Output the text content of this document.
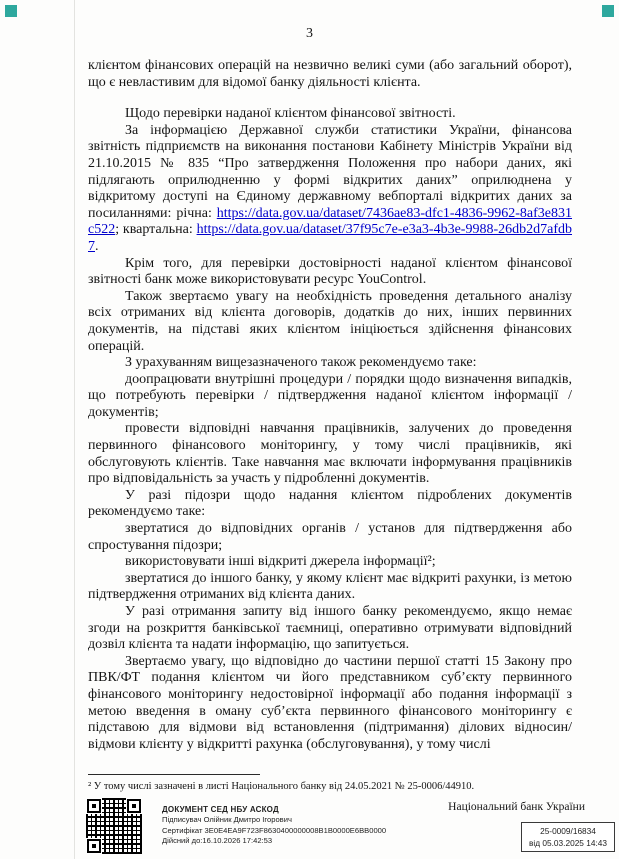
3

клієнтом фінансових операцій на незвично великі суми (або загальний оборот), що є невластивим для відомої банку діяльності клієнта.

Щодо перевірки наданої клієнтом фінансової звітності.

За інформацією Державної служби статистики України, фінансова звітність підприємств на виконання постанови Кабінету Міністрів України від 21.10.2015 № 835 “Про затвердження Положення про набори даних, які підлягають оприлюдненню у формі відкритих даних” оприлюднена у відкритому доступі на Єдиному державному вебпорталі відкритих даних за посиланнями: річна: https://data.gov.ua/dataset/7436ae83-dfc1-4836-9962-8af3e831c522; квартальна: https://data.gov.ua/dataset/37f95c7e-e3a3-4b3e-9988-26db2d7afdb7.

Крім того, для перевірки достовірності наданої клієнтом фінансової звітності банк може використовувати ресурс YouControl.

Також звертаємо увагу на необхідність проведення детального аналізу всіх отриманих від клієнта договорів, додатків до них, інших первинних документів, на підставі яких клієнтом ініціюється здійснення фінансових операцій.

З урахуванням вищезазначеного також рекомендуємо таке:

доопрацювати внутрішні процедури / порядки щодо визначення випадків, що потребують перевірки / підтвердження наданої клієнтом інформації / документів;

провести відповідні навчання працівників, залучених до проведення первинного фінансового моніторингу, у тому числі працівників, які обслуговують клієнтів. Таке навчання має включати інформування працівників про відповідальність за участь у підробленні документів.

У разі підозри щодо надання клієнтом підроблених документів рекомендуємо таке:

звертатися до відповідних органів / установ для підтвердження або спростування підозри;

використовувати інші відкриті джерела інформації²;

звертатися до іншого банку, у якому клієнт має відкриті рахунки, із метою підтвердження отриманих від клієнта даних.

У разі отримання запиту від іншого банку рекомендуємо, якщо немає згоди на розкриття банківської таємниці, оперативно отримувати відповідний дозвіл клієнта та надати інформацію, що запитується.

Звертаємо увагу, що відповідно до частини першої статті 15 Закону про ПВК/ФТ подання клієнтом чи його представником суб’єкту первинного фінансового моніторингу недостовірної інформації або подання інформації з метою введення в оману суб’єкта первинного фінансового моніторингу є підставою для відмови від встановлення (підтримання) ділових відносин/відмови клієнту у відкритті рахунка (обслуговування), у тому числі

² У тому числі зазначені в листі Національного банку від 24.05.2021 № 25-0006/44910.
ДОКУМЕНТ СЕД НБУ АСКОД
Підписувач Олійник Дмитро Ігорович
Сертифікат 3E0E4EA9F723F8630400000008B1B0000E6BB0000
Дійсний до:16.10.2026 17:42:53
Національний банк України
25-0009/16834
від 05.03.2025 14:43
